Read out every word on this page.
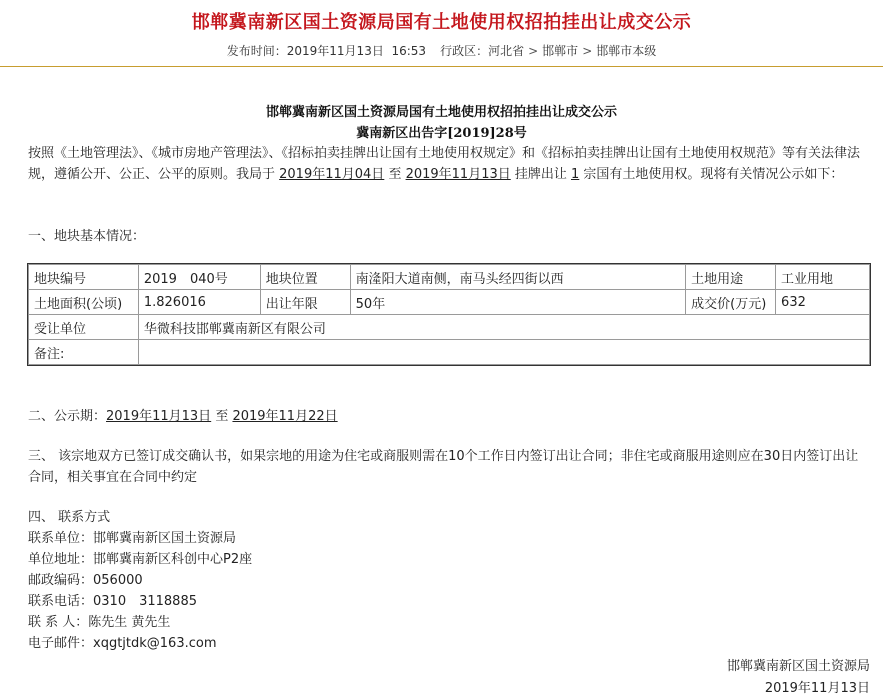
邯郸冀南新区国土资源局国有土地使用权招拍挂出让成交公示
发布时间：2019年11月13日 16:53 行政区：河北省 > 邯郸市 > 邯郸市本级
邯郸冀南新区国土资源局国有土地使用权招拍挂出让成交公示
冀南新区出告字[2019]28号
按照《土地管理法》、《城市房地产管理法》、《招标拍卖挂牌出让国有土地使用权规定》和《招标拍卖挂牌出让国有土地使用权规范》等有关法律法规，遵循公开、公正、公平的原则。我局于 2019年11月04日 至 2019年11月13日 挂牌出让 1 宗国有土地使用权。现将有关情况公示如下：
一、地块基本情况：
地块编号	2019　040号	地块位置	南湰阳大道南侧，南马头经四街以西	土地用途	工业用地
土地面积(公顷)	1.826016	出让年限	50年	成交价(万元)	632
受让单位	华微科技邯郸冀南新区有限公司				
备注:					
二、公示期：2019年11月13日 至 2019年11月22日
三、 该宗地双方已签订成交确认书，如果宗地的用途为住宅或商服则需在10个工作日内签订出让合同；非住宅或商服用途则应在30日内签订出让合同，相关事宜在合同中约定
四、 联系方式
联系单位：邯郸冀南新区国土资源局
单位地址：邯郸冀南新区科创中心P2座
邮政编码：056000
联系电话：0310　3118885
联 系 人：陈先生 黄先生
电子邮件：xqgtjtdk@163.com
邯郸冀南新区国土资源局
2019年11月13日
